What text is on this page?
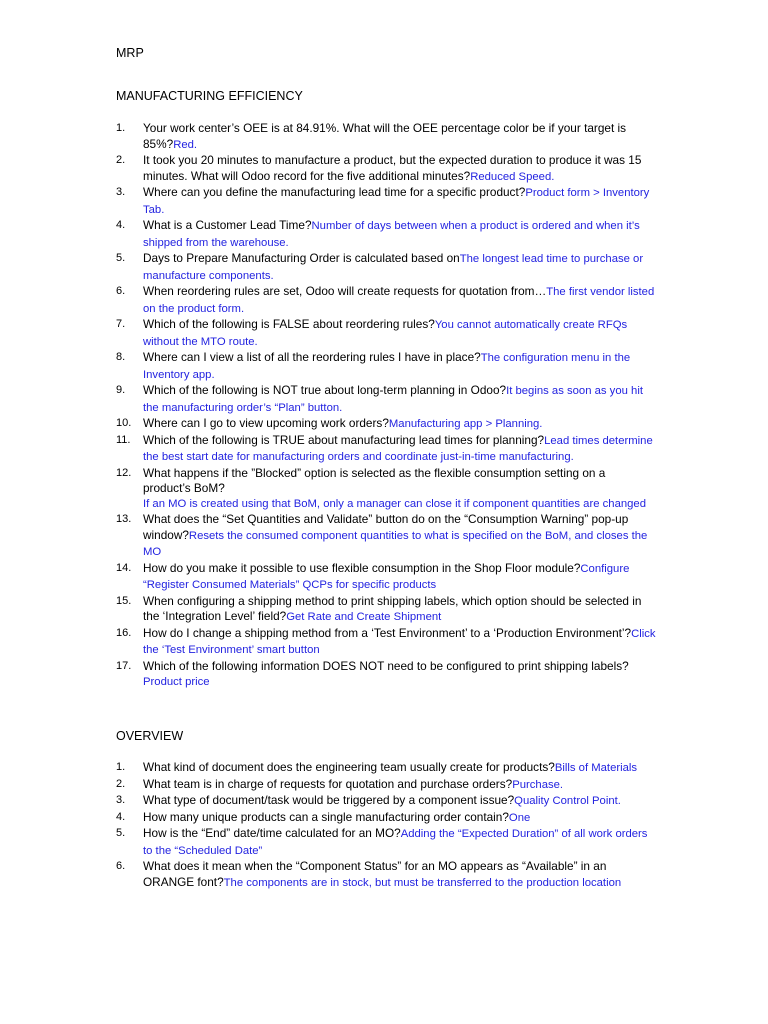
MRP
MANUFACTURING EFFICIENCY
1. Your work center’s OEE is at 84.91%. What will the OEE percentage color be if your target is 85%?Red.
2. It took you 20 minutes to manufacture a product, but the expected duration to produce it was 15 minutes. What will Odoo record for the five additional minutes?Reduced Speed.
3. Where can you define the manufacturing lead time for a specific product?Product form > Inventory Tab.
4. What is a Customer Lead Time?Number of days between when a product is ordered and when it’s shipped from the warehouse.
5. Days to Prepare Manufacturing Order is calculated based onThe longest lead time to purchase or manufacture components.
6. When reordering rules are set, Odoo will create requests for quotation from…The first vendor listed on the product form.
7. Which of the following is FALSE about reordering rules?You cannot automatically create RFQs without the MTO route.
8. Where can I view a list of all the reordering rules I have in place?The configuration menu in the Inventory app.
9. Which of the following is NOT true about long-term planning in Odoo?It begins as soon as you hit the manufacturing order’s “Plan” button.
10. Where can I go to view upcoming work orders?Manufacturing app > Planning.
11. Which of the following is TRUE about manufacturing lead times for planning?Lead times determine the best start date for manufacturing orders and coordinate just-in-time manufacturing.
12. What happens if the ”Blocked” option is selected as the flexible consumption setting on a product’s BoM?
If an MO is created using that BoM, only a manager can close it if component quantities are changed
13. What does the “Set Quantities and Validate” button do on the “Consumption Warning” pop-up window?Resets the consumed component quantities to what is specified on the BoM, and closes the MO
14. How do you make it possible to use flexible consumption in the Shop Floor module?Configure “Register Consumed Materials” QCPs for specific products
15. When configuring a shipping method to print shipping labels, which option should be selected in the ‘Integration Level’ field?Get Rate and Create Shipment
16. How do I change a shipping method from a ‘Test Environment’ to a ‘Production Environment’?Click the ‘Test Environment’ smart button
17. Which of the following information DOES NOT need to be configured to print shipping labels?Product price
OVERVIEW
1. What kind of document does the engineering team usually create for products?Bills of Materials
2. What team is in charge of requests for quotation and purchase orders?Purchase.
3. What type of document/task would be triggered by a component issue?Quality Control Point.
4. How many unique products can a single manufacturing order contain?One
5. How is the “End” date/time calculated for an MO?Adding the “Expected Duration” of all work orders to the “Scheduled Date”
6. What does it mean when the “Component Status” for an MO appears as “Available” in an ORANGE font?The components are in stock, but must be transferred to the production location
